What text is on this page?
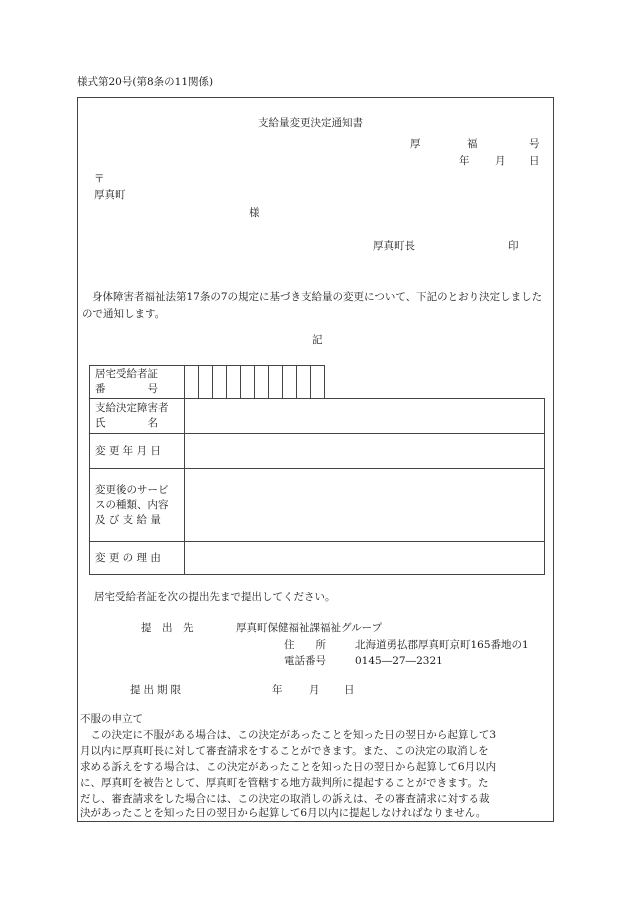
様式第20号(第8条の11関係)
支給量変更決定通知書
厚	福	号
年 月 日
〒
厚真町
様
厚真町長	印
身体障害者福祉法第17条の7の規定に基づき支給量の変更について、下記のとおり決定しましたので通知します。
記
居宅受給者証
番　　　　号

支給決定障害者
氏　　　　名	

変 更 年 月 日	

変更後のサービ
スの種類、内容
及 び 支 給 量	

変 更 の 理 由	
居宅受給者証を次の提出先まで提出してください。
提　出　先	厚真町保健福祉課福祉グループ
住　　所	北海道勇払郡厚真町京町165番地の1
電話番号	0145―27―2321
提出期限	年	月 日
不服の申立て
　この決定に不服がある場合は、この決定があったことを知った日の翌日から起算して3
月以内に厚真町長に対して審査請求をすることができます。また、この決定の取消しを
求める訴えをする場合は、この決定があったことを知った日の翌日から起算して6月以内
に、厚真町を被告として、厚真町を管轄する地方裁判所に提起することができます。た
だし、審査請求をした場合には、この決定の取消しの訴えは、その審査請求に対する裁
決があったことを知った日の翌日から起算して6月以内に提起しなければなりません。
